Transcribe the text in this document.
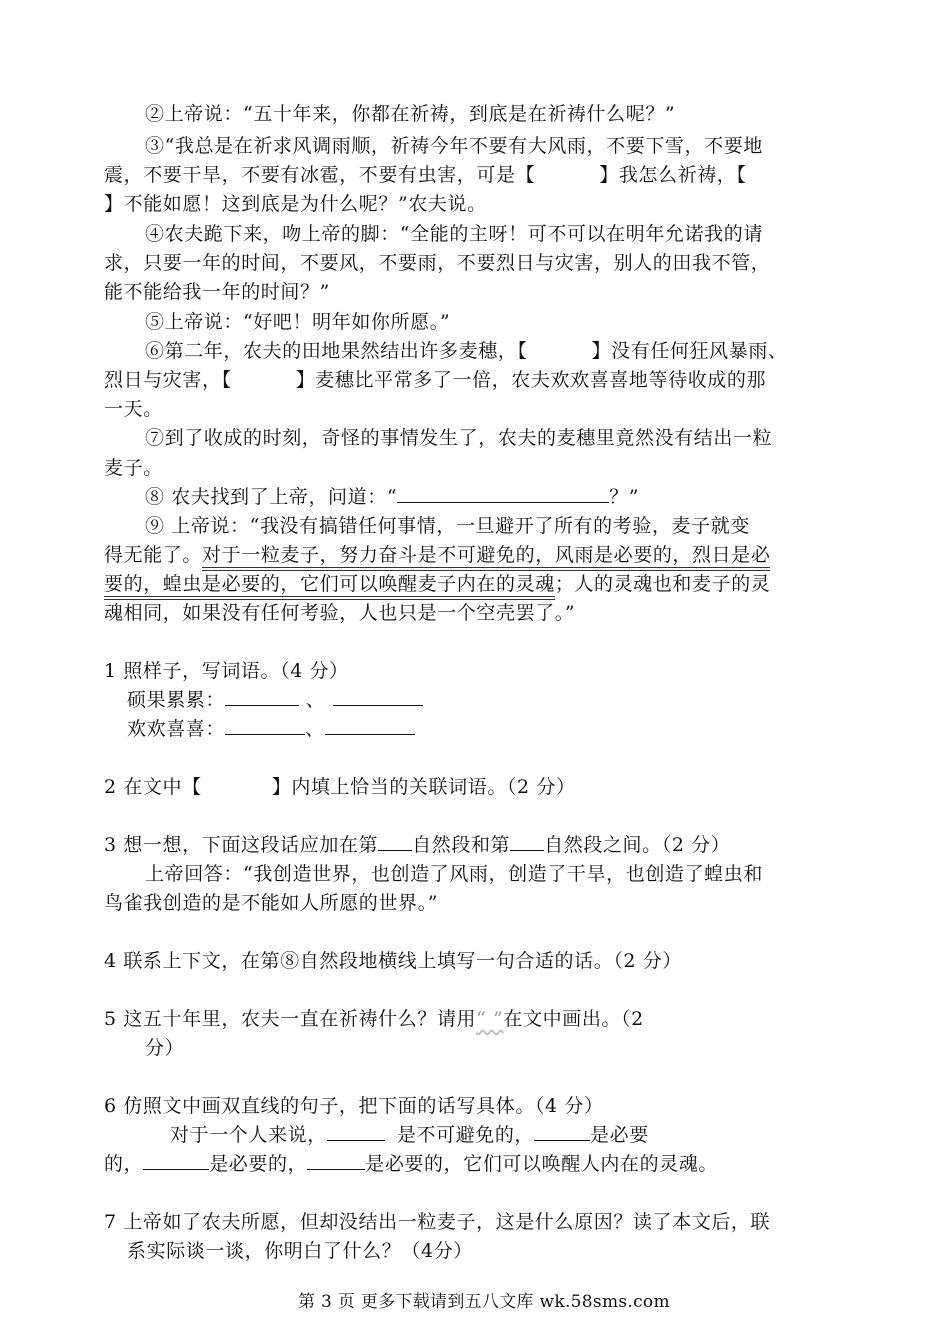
②上帝说：“五十年来，你都在祈祷，到底是在祈祷什么呢？”
③“我总是在祈求风调雨顺，祈祷今年不要有大风雨，不要下雪，不要地
震，不要干旱，不要有冰雹，不要有虫害，可是【	】我怎么祈祷，【
】不能如愿！这到底是为什么呢？”农夫说。
④农夫跪下来，吻上帝的脚：“全能的主呀！可不可以在明年允诺我的请
求，只要一年的时间，不要风，不要雨，不要烈日与灾害，别人的田我不管，
能不能给我一年的时间？”
⑤上帝说：“好吧！明年如你所愿。”
⑥第二年，农夫的田地果然结出许多麦穗，【	】没有任何狂风暴雨、
烈日与灾害，【	】麦穗比平常多了一倍，农夫欢欢喜喜地等待收成的那
一天。
⑦到了收成的时刻，奇怪的事情发生了，农夫的麦穗里竟然没有结出一粒
麦子。
⑧ 农夫找到了上帝，问道：“	？”
⑨ 上帝说：“我没有搞错任何事情，一旦避开了所有的考验，麦子就变
得无能了。对于一粒麦子，努力奋斗是不可避免的，风雨是必要的，烈日是必
要的，蝗虫是必要的，它们可以唤醒麦子内在的灵魂；人的灵魂也和麦子的灵
魂相同，如果没有任何考验，人也只是一个空壳罢了。”
1 照样子，写词语。（4 分）
硕果累累：	、
欢欢喜喜：	、
2 在文中【	】内填上恰当的关联词语。（2 分）
3 想一想，下面这段话应加在第 自然段和第 自然段之间。（2 分）
上帝回答：“我创造世界，也创造了风雨，创造了干旱，也创造了蝗虫和
鸟雀我创造的是不能如人所愿的世界。”
4 联系上下文，在第⑧自然段地横线上填写一句合适的话。（2 分）
5 这五十年里，农夫一直在祈祷什么？请用“ ”在文中画出。（2
分）
6 仿照文中画双直线的句子，把下面的话写具体。（4 分）
对于一个人来说，	是不可避免的，	是必要
的，	是必要的，	是必要的，它们可以唤醒人内在的灵魂。
7 上帝如了农夫所愿，但却没结出一粒麦子，这是什么原因？读了本文后，联
系实际谈一谈，你明白了什么？（4分）
第 3 页 更多下载请到五八文库 wk.58sms.com
